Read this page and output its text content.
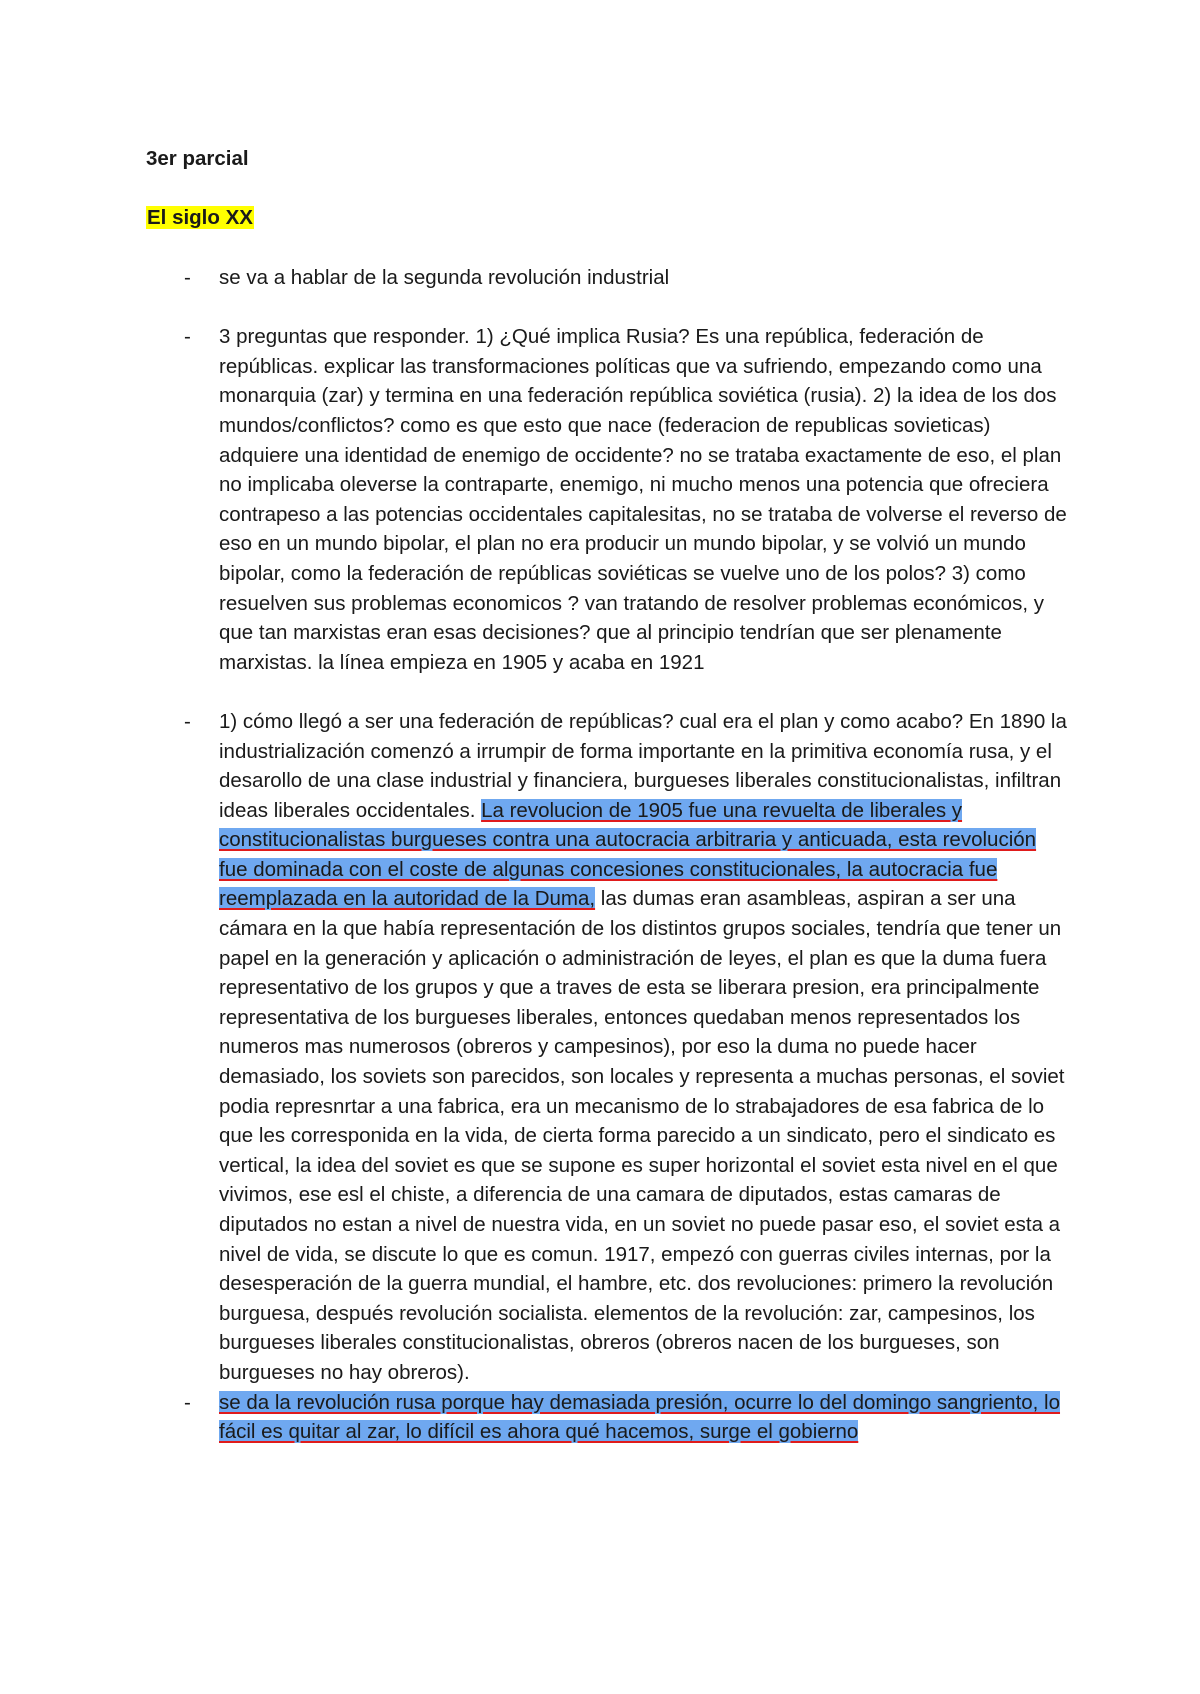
3er parcial

El siglo XX

- se va a hablar de la segunda revolución industrial
- 3 preguntas que responder. 1) ¿Qué implica Rusia? Es una república, federación de repúblicas. explicar las transformaciones políticas que va sufriendo, empezando como una monarquia (zar) y termina en una federación república soviética (rusia). 2) la idea de los dos mundos/conflictos? como es que esto que nace (federacion de republicas sovieticas) adquiere una identidad de enemigo de occidente? no se trataba exactamente de eso, el plan no implicaba oleverse la contraparte, enemigo, ni mucho menos una potencia que ofreciera contrapeso a las potencias occidentales capitalesitas, no se trataba de volverse el reverso de eso en un mundo bipolar, el plan no era producir un mundo bipolar, y se volvió un mundo bipolar, como la federación de repúblicas soviéticas se vuelve uno de los polos? 3) como resuelven sus problemas economicos ? van tratando de resolver problemas económicos, y que tan marxistas eran esas decisiones? que al principio tendrían que ser plenamente marxistas. la línea empieza en 1905 y acaba en 1921
- 1) cómo llegó a ser una federación de repúblicas? cual era el plan y como acabo? En 1890 la industrialización comenzó a irrumpir de forma importante en la primitiva economía rusa, y el desarollo de una clase industrial y financiera, burgueses liberales constitucionalistas, infiltran ideas liberales occidentales. La revolucion de 1905 fue una revuelta de liberales y constitucionalistas burgueses contra una autocracia arbitraria y anticuada, esta revolución fue dominada con el coste de algunas concesiones constitucionales, la autocracia fue reemplazada en la autoridad de la Duma, las dumas eran asambleas, aspiran a ser una cámara en la que había representación de los distintos grupos sociales, tendría que tener un papel en la generación y aplicación o administración de leyes, el plan es que la duma fuera representativo de los grupos y que a traves de esta se liberara presion, era principalmente representativa de los burgueses liberales, entonces quedaban menos representados los numeros mas numerosos (obreros y campesinos), por eso la duma no puede hacer demasiado, los soviets son parecidos, son locales y representa a muchas personas, el soviet podia represnrtar a una fabrica, era un mecanismo de lo strabajadores de esa fabrica de lo que les corresponida en la vida, de cierta forma parecido a un sindicato, pero el sindicato es vertical, la idea del soviet es que se supone es super horizontal el soviet esta nivel en el que vivimos, ese esl el chiste, a diferencia de una camara de diputados, estas camaras de diputados no estan a nivel de nuestra vida, en un soviet no puede pasar eso, el soviet esta a nivel de vida, se discute lo que es comun. 1917, empezó con guerras civiles internas, por la desesperación de la guerra mundial, el hambre, etc. dos revoluciones: primero la revolución burguesa, después revolución socialista. elementos de la revolución: zar, campesinos, los burgueses liberales constitucionalistas, obreros (obreros nacen de los burgueses, son burgueses no hay obreros).
- se da la revolución rusa porque hay demasiada presión, ocurre lo del domingo sangriento, lo fácil es quitar al zar, lo difícil es ahora qué hacemos, surge el gobierno
